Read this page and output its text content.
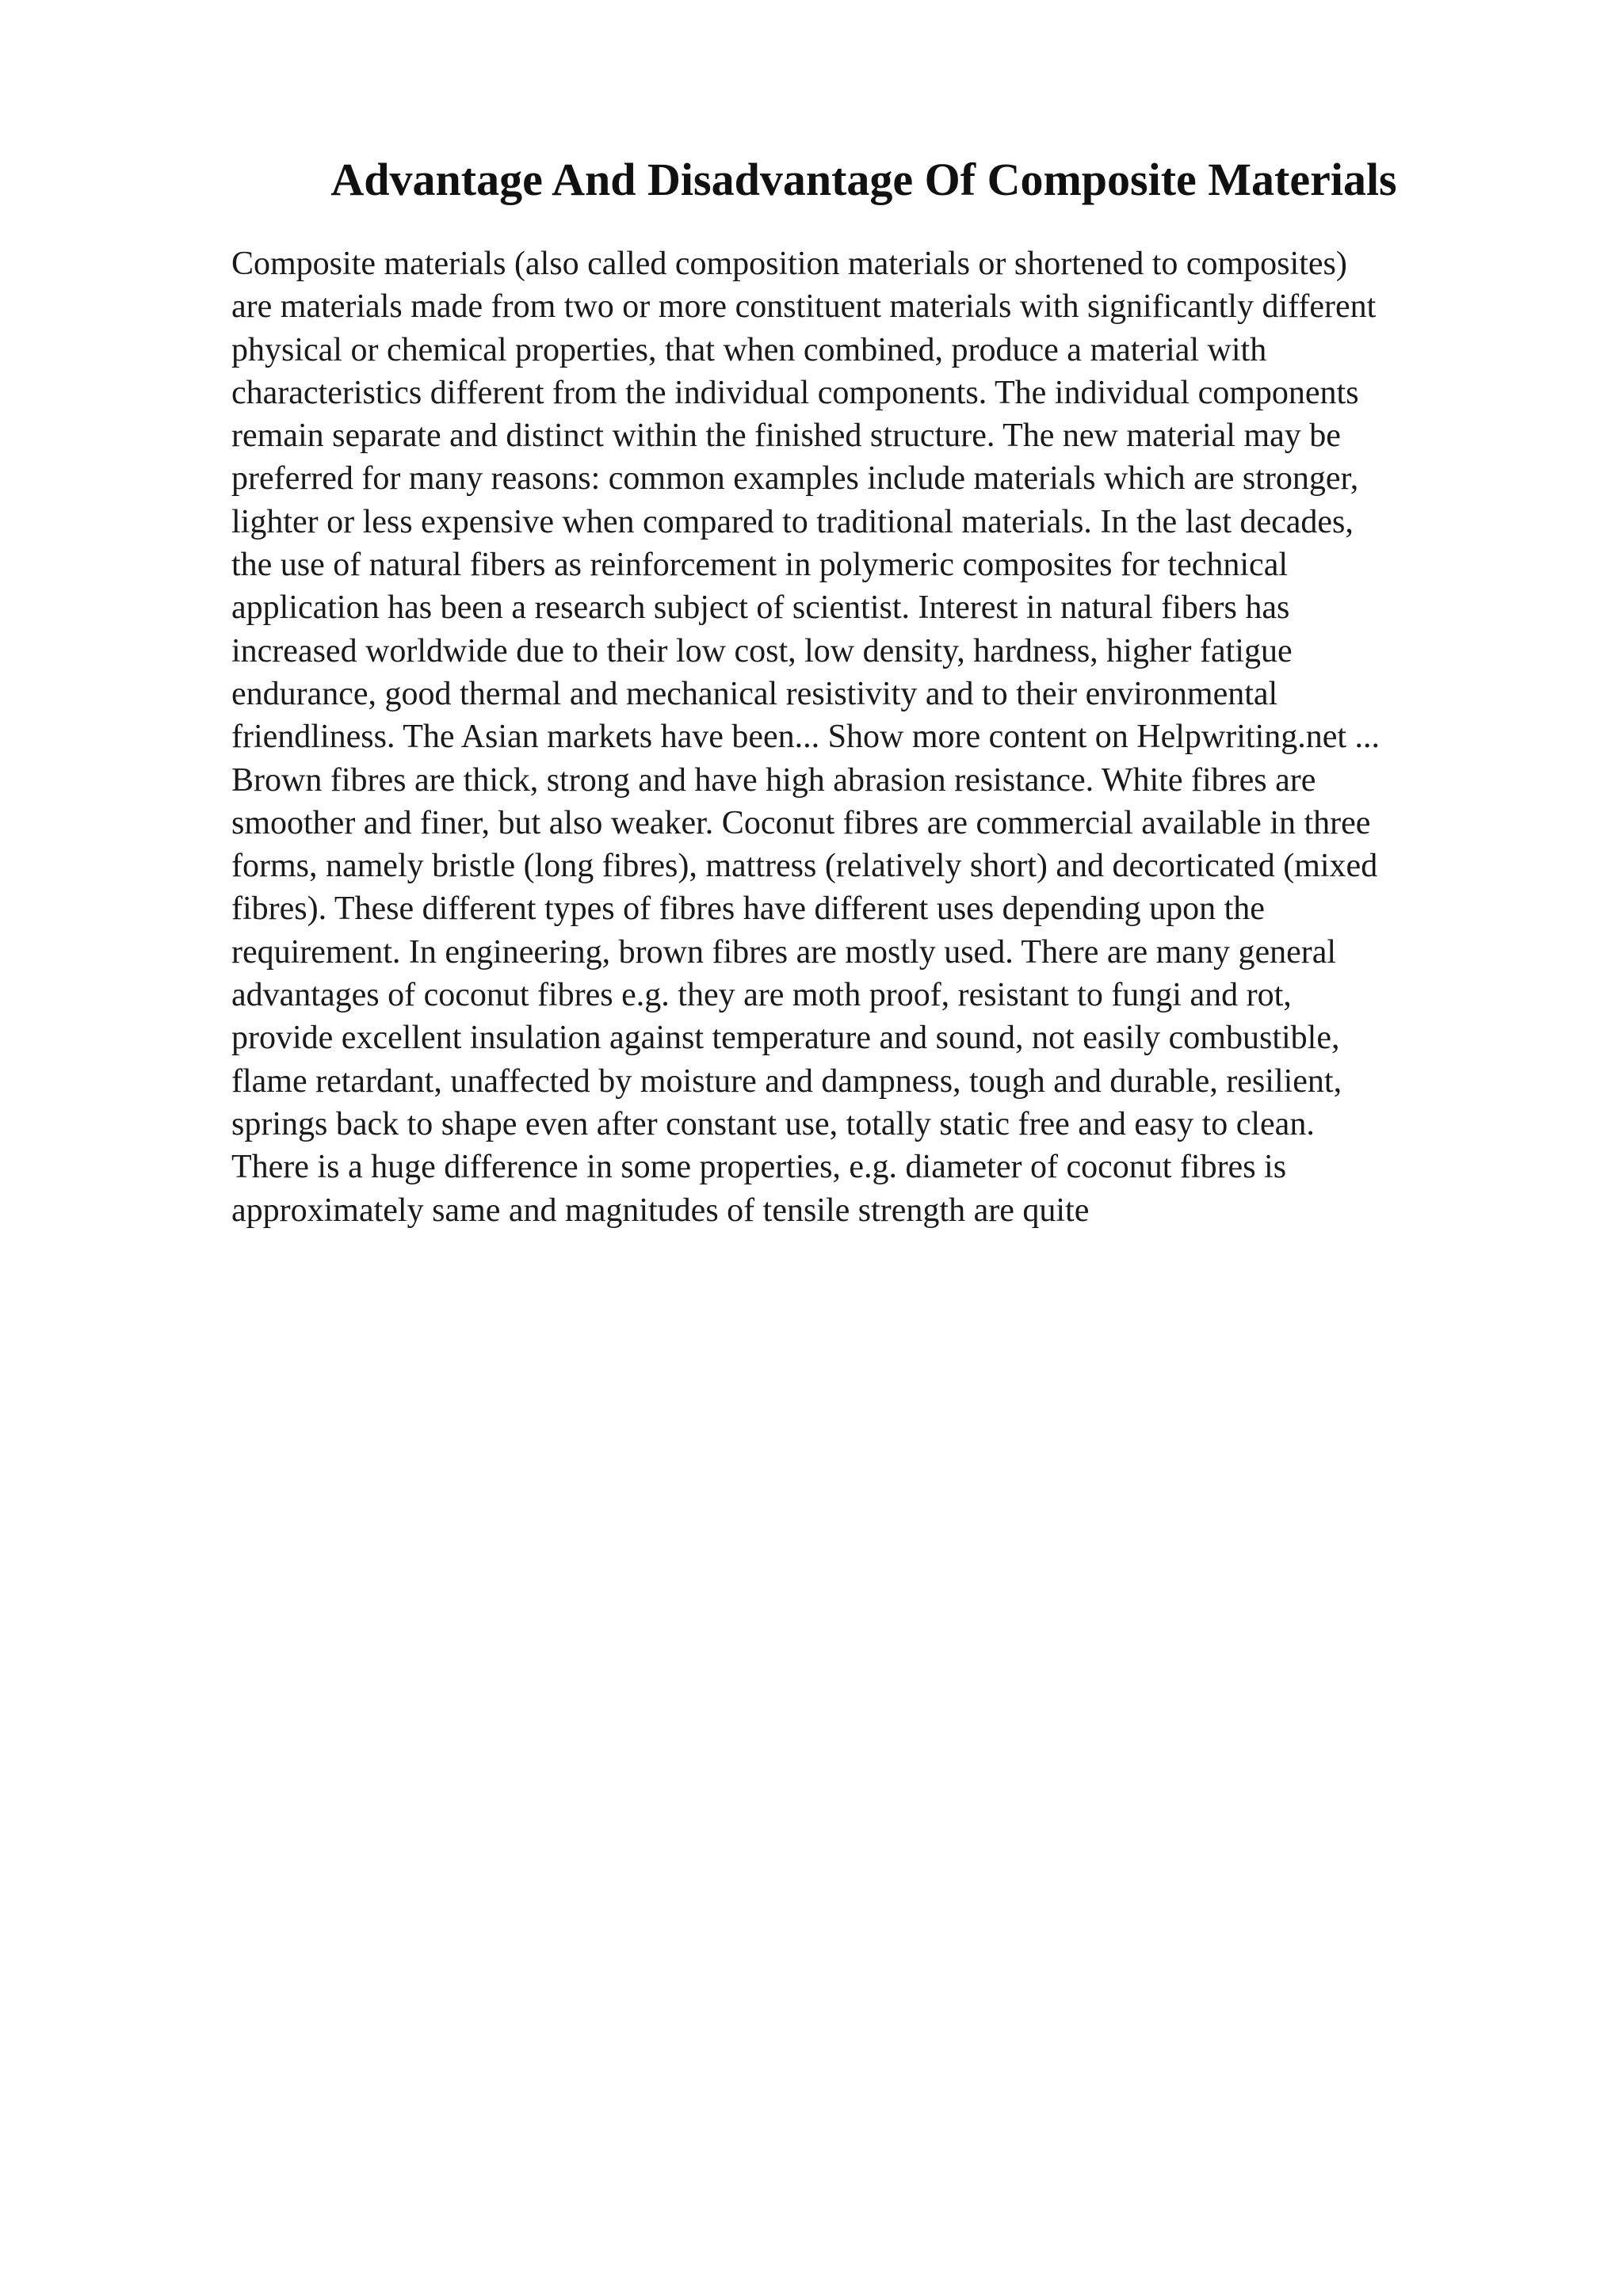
Advantage And Disadvantage Of Composite Materials
Composite materials (also called composition materials or shortened to composites)
are materials made from two or more constituent materials with significantly different
physical or chemical properties, that when combined, produce a material with
characteristics different from the individual components. The individual components
remain separate and distinct within the finished structure. The new material may be
preferred for many reasons: common examples include materials which are stronger,
lighter or less expensive when compared to traditional materials. In the last decades,
the use of natural fibers as reinforcement in polymeric composites for technical
application has been a research subject of scientist. Interest in natural fibers has
increased worldwide due to their low cost, low density, hardness, higher fatigue
endurance, good thermal and mechanical resistivity and to their environmental
friendliness. The Asian markets have been... Show more content on Helpwriting.net ...
Brown fibres are thick, strong and have high abrasion resistance. White fibres are
smoother and finer, but also weaker. Coconut fibres are commercial available in three
forms, namely bristle (long fibres), mattress (relatively short) and decorticated (mixed
fibres). These different types of fibres have different uses depending upon the
requirement. In engineering, brown fibres are mostly used. There are many general
advantages of coconut fibres e.g. they are moth proof, resistant to fungi and rot,
provide excellent insulation against temperature and sound, not easily combustible,
flame retardant, unaffected by moisture and dampness, tough and durable, resilient,
springs back to shape even after constant use, totally static free and easy to clean.
There is a huge difference in some properties, e.g. diameter of coconut fibres is
approximately same and magnitudes of tensile strength are quite
